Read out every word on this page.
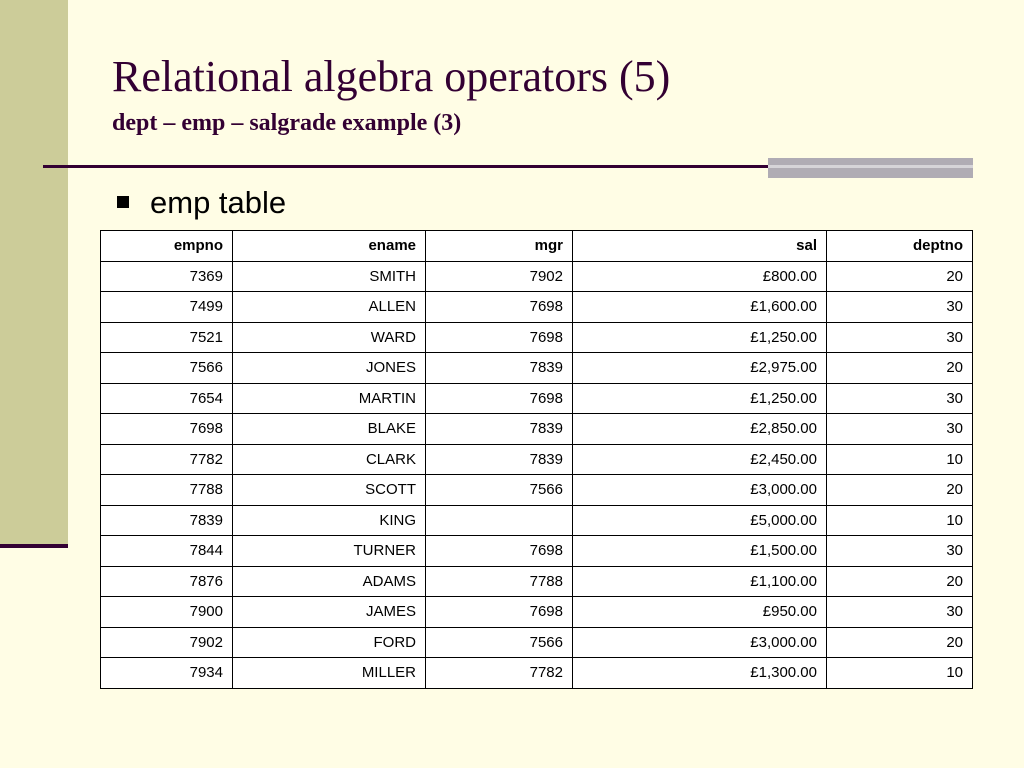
Relational algebra operators (5)
dept – emp – salgrade example (3)
emp table
empno	ename	mgr	sal	deptno
7369	SMITH	7902	£800.00	20
7499	ALLEN	7698	£1,600.00	30
7521	WARD	7698	£1,250.00	30
7566	JONES	7839	£2,975.00	20
7654	MARTIN	7698	£1,250.00	30
7698	BLAKE	7839	£2,850.00	30
7782	CLARK	7839	£2,450.00	10
7788	SCOTT	7566	£3,000.00	20
7839	KING		£5,000.00	10
7844	TURNER	7698	£1,500.00	30
7876	ADAMS	7788	£1,100.00	20
7900	JAMES	7698	£950.00	30
7902	FORD	7566	£3,000.00	20
7934	MILLER	7782	£1,300.00	10
